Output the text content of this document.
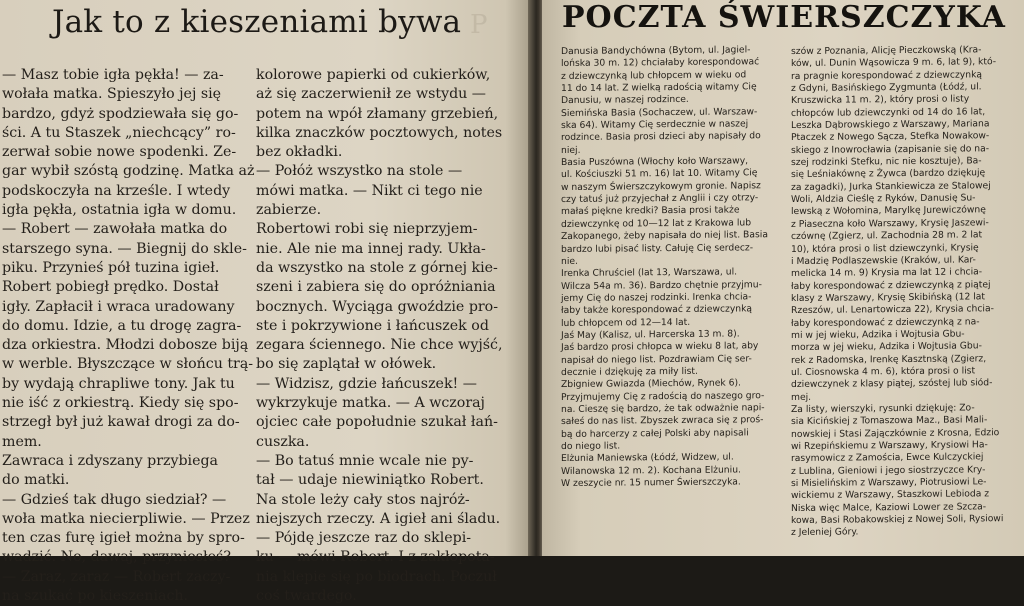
Jak to z kieszeniami bywa P
— Masz tobie igła pękła! — za-
wołała matka. Spieszyło jej się
bardzo, gdyż spodziewała się go-
ści. A tu Staszek „niechcący” ro-
zerwał sobie nowe spodenki. Ze-
gar wybił szóstą godzinę. Matka aż
podskoczyła na krześle. I wtedy
igła pękła, ostatnia igła w domu.
— Robert — zawołała matka do
starszego syna. — Biegnij do skle-
piku. Przynieś pół tuzina igieł.
Robert pobiegł prędko. Dostał
igły. Zapłacił i wraca uradowany
do domu. Idzie, a tu drogę zagra-
dza orkiestra. Młodzi dobosze biją
w werble. Błyszczące w słońcu trą-
by wydają chrapliwe tony. Jak tu
nie iść z orkiestrą. Kiedy się spo-
strzegł był już kawał drogi za do-
mem.
Zawraca i zdyszany przybiega
do matki.
— Gdzieś tak długo siedział? —
woła matka niecierpliwie. — Przez
ten czas furę igieł można by spro-
wadzić. No, dawaj, przyniosłeś?
— Zaraz, zaraz — Robert zaczy-
na szukać po kieszeniach.
kolorowe papierki od cukierków,
aż się zaczerwienił ze wstydu —
potem na wpół złamany grzebień,
kilka znaczków pocztowych, notes
bez okładki.
— Połóż wszystko na stole —
mówi matka. — Nikt ci tego nie
zabierze.
Robertowi robi się nieprzyjem-
nie. Ale nie ma innej rady. Ukła-
da wszystko na stole z górnej kie-
szeni i zabiera się do opróżniania
bocznych. Wyciąga gwoździe pro-
ste i pokrzywione i łańcuszek od
zegara ściennego. Nie chce wyjść,
bo się zaplątał w ołówek.
— Widzisz, gdzie łańcuszek! —
wykrzykuje matka. — A wczoraj
ojciec całe popołudnie szukał łań-
cuszka.
— Bo tatuś mnie wcale nie py-
tał — udaje niewiniątko Robert.
Na stole leży cały stos najróż-
niejszych rzeczy. A igieł ani śladu.
— Pójdę jeszcze raz do sklepi-
ku — mówi Robert. I z zakłopota-
nia klepie się po biodrach. Poczuł
coś twardego.
POCZTA ŚWIERSZCZYKA
Danusia Bandychówna (Bytom, ul. Jagiel-
lońska 30 m. 12) chciałaby korespondować
z dziewczynką lub chłopcem w wieku od
11 do 14 lat. Z wielką radością witamy Cię
Danusiu, w naszej rodzince.
Siemińska Basia (Sochaczew, ul. Warszaw-
ska 64). Witamy Cię serdecznie w naszej
rodzince. Basia prosi dzieci aby napisały do
niej.
Basia Puszówna (Włochy koło Warszawy,
ul. Kościuszki 51 m. 16) lat 10. Witamy Cię
w naszym Świerszczykowym gronie. Napisz
czy tatuś już przyjechał z Anglii i czy otrzy-
małaś piękne kredki? Basia prosi także
dziewczynkę od 10—12 lat z Krakowa lub
Zakopanego, żeby napisała do niej list. Basia
bardzo lubi pisać listy. Całuję Cię serdecz-
nie.
Irenka Chruściel (lat 13, Warszawa, ul.
Wilcza 54a m. 36). Bardzo chętnie przyjmu-
jemy Cię do naszej rodzinki. Irenka chcia-
łaby także korespondować z dziewczynką
lub chłopcem od 12—14 lat.
Jaś May (Kalisz, ul. Harcerska 13 m. 8).
Jaś bardzo prosi chłopca w wieku 8 lat, aby
napisał do niego list. Pozdrawiam Cię ser-
decznie i dziękuję za miły list.
Zbigniew Gwiazda (Miechów, Rynek 6).
Przyjmujemy Cię z radością do naszego gro-
na. Cieszę się bardzo, że tak odważnie napi-
sałeś do nas list. Zbyszek zwraca się z proś-
bą do harcerzy z całej Polski aby napisali
do niego list.
Elżunia Maniewska (Łódź, Widzew, ul.
Wilanowska 12 m. 2). Kochana Elżuniu.
W zeszycie nr. 15 numer Świerszczyka.
szów z Poznania, Alicję Pieczkowską (Kra-
ków, ul. Dunin Wąsowicza 9 m. 6, lat 9), któ-
ra pragnie korespondować z dziewczynką
z Gdyni, Basińskiego Zygmunta (Łódź, ul.
Kruszwicka 11 m. 2), który prosi o listy
chłopców lub dziewczynki od 14 do 16 lat,
Leszka Dąbrowskiego z Warszawy, Mariana
Ptaczek z Nowego Sącza, Stefka Nowakow-
skiego z Inowrocławia (zapisanie się do na-
szej rodzinki Stefku, nic nie kosztuje), Ba-
się Leśniakównę z Żywca (bardzo dziękuję
za zagadki), Jurka Stankiewicza ze Stalowej
Woli, Aldzia Cieślę z Ryków, Danusię Su-
lewską z Wołomina, Marylkę Jurewiczównę
z Piaseczna koło Warszawy, Krysię Jaszewi-
czównę (Zgierz, ul. Zachodnia 28 m. 2 lat
10), która prosi o list dziewczynki, Krysię
i Madzię Podlaszewskie (Kraków, ul. Kar-
melicka 14 m. 9) Krysia ma lat 12 i chcia-
łaby korespondować z dziewczynką z piątej
klasy z Warszawy, Krysię Skibińską (12 lat
Rzeszów, ul. Lenartowicza 22), Krysia chcia-
łaby korespondować z dziewczynką z na-
mi w jej wieku, Adzika i Wojtusia Gbu-
morza w jej wieku, Adzika i Wojtusia Gbu-
rek z Radomska, Irenkę Kasztnską (Zgierz,
ul. Ciosnowska 4 m. 6), która prosi o list
dziewczynek z klasy piątej, szóstej lub siód-
mej.
Za listy, wierszyki, rysunki dziękuję: Zo-
sia Kicińskiej z Tomaszowa Maz., Basi Mali-
nowskiej i Stasi Zajączkównie z Krosna, Edzio
wi Rzepińskiemu z Warszawy, Krysiowi Ha-
rasymowicz z Zamościa, Ewce Kulczyckiej
z Lublina, Gieniowi i jego siostrzyczce Kry-
si Misielińskim z Warszawy, Piotrusiowi Le-
wickiemu z Warszawy, Staszkowi Lebioda z
Niska więc Malce, Kaziowi Lower ze Szcza-
kowa, Basi Robakowskiej z Nowej Soli, Rysiowi
z Jeleniej Góry.
